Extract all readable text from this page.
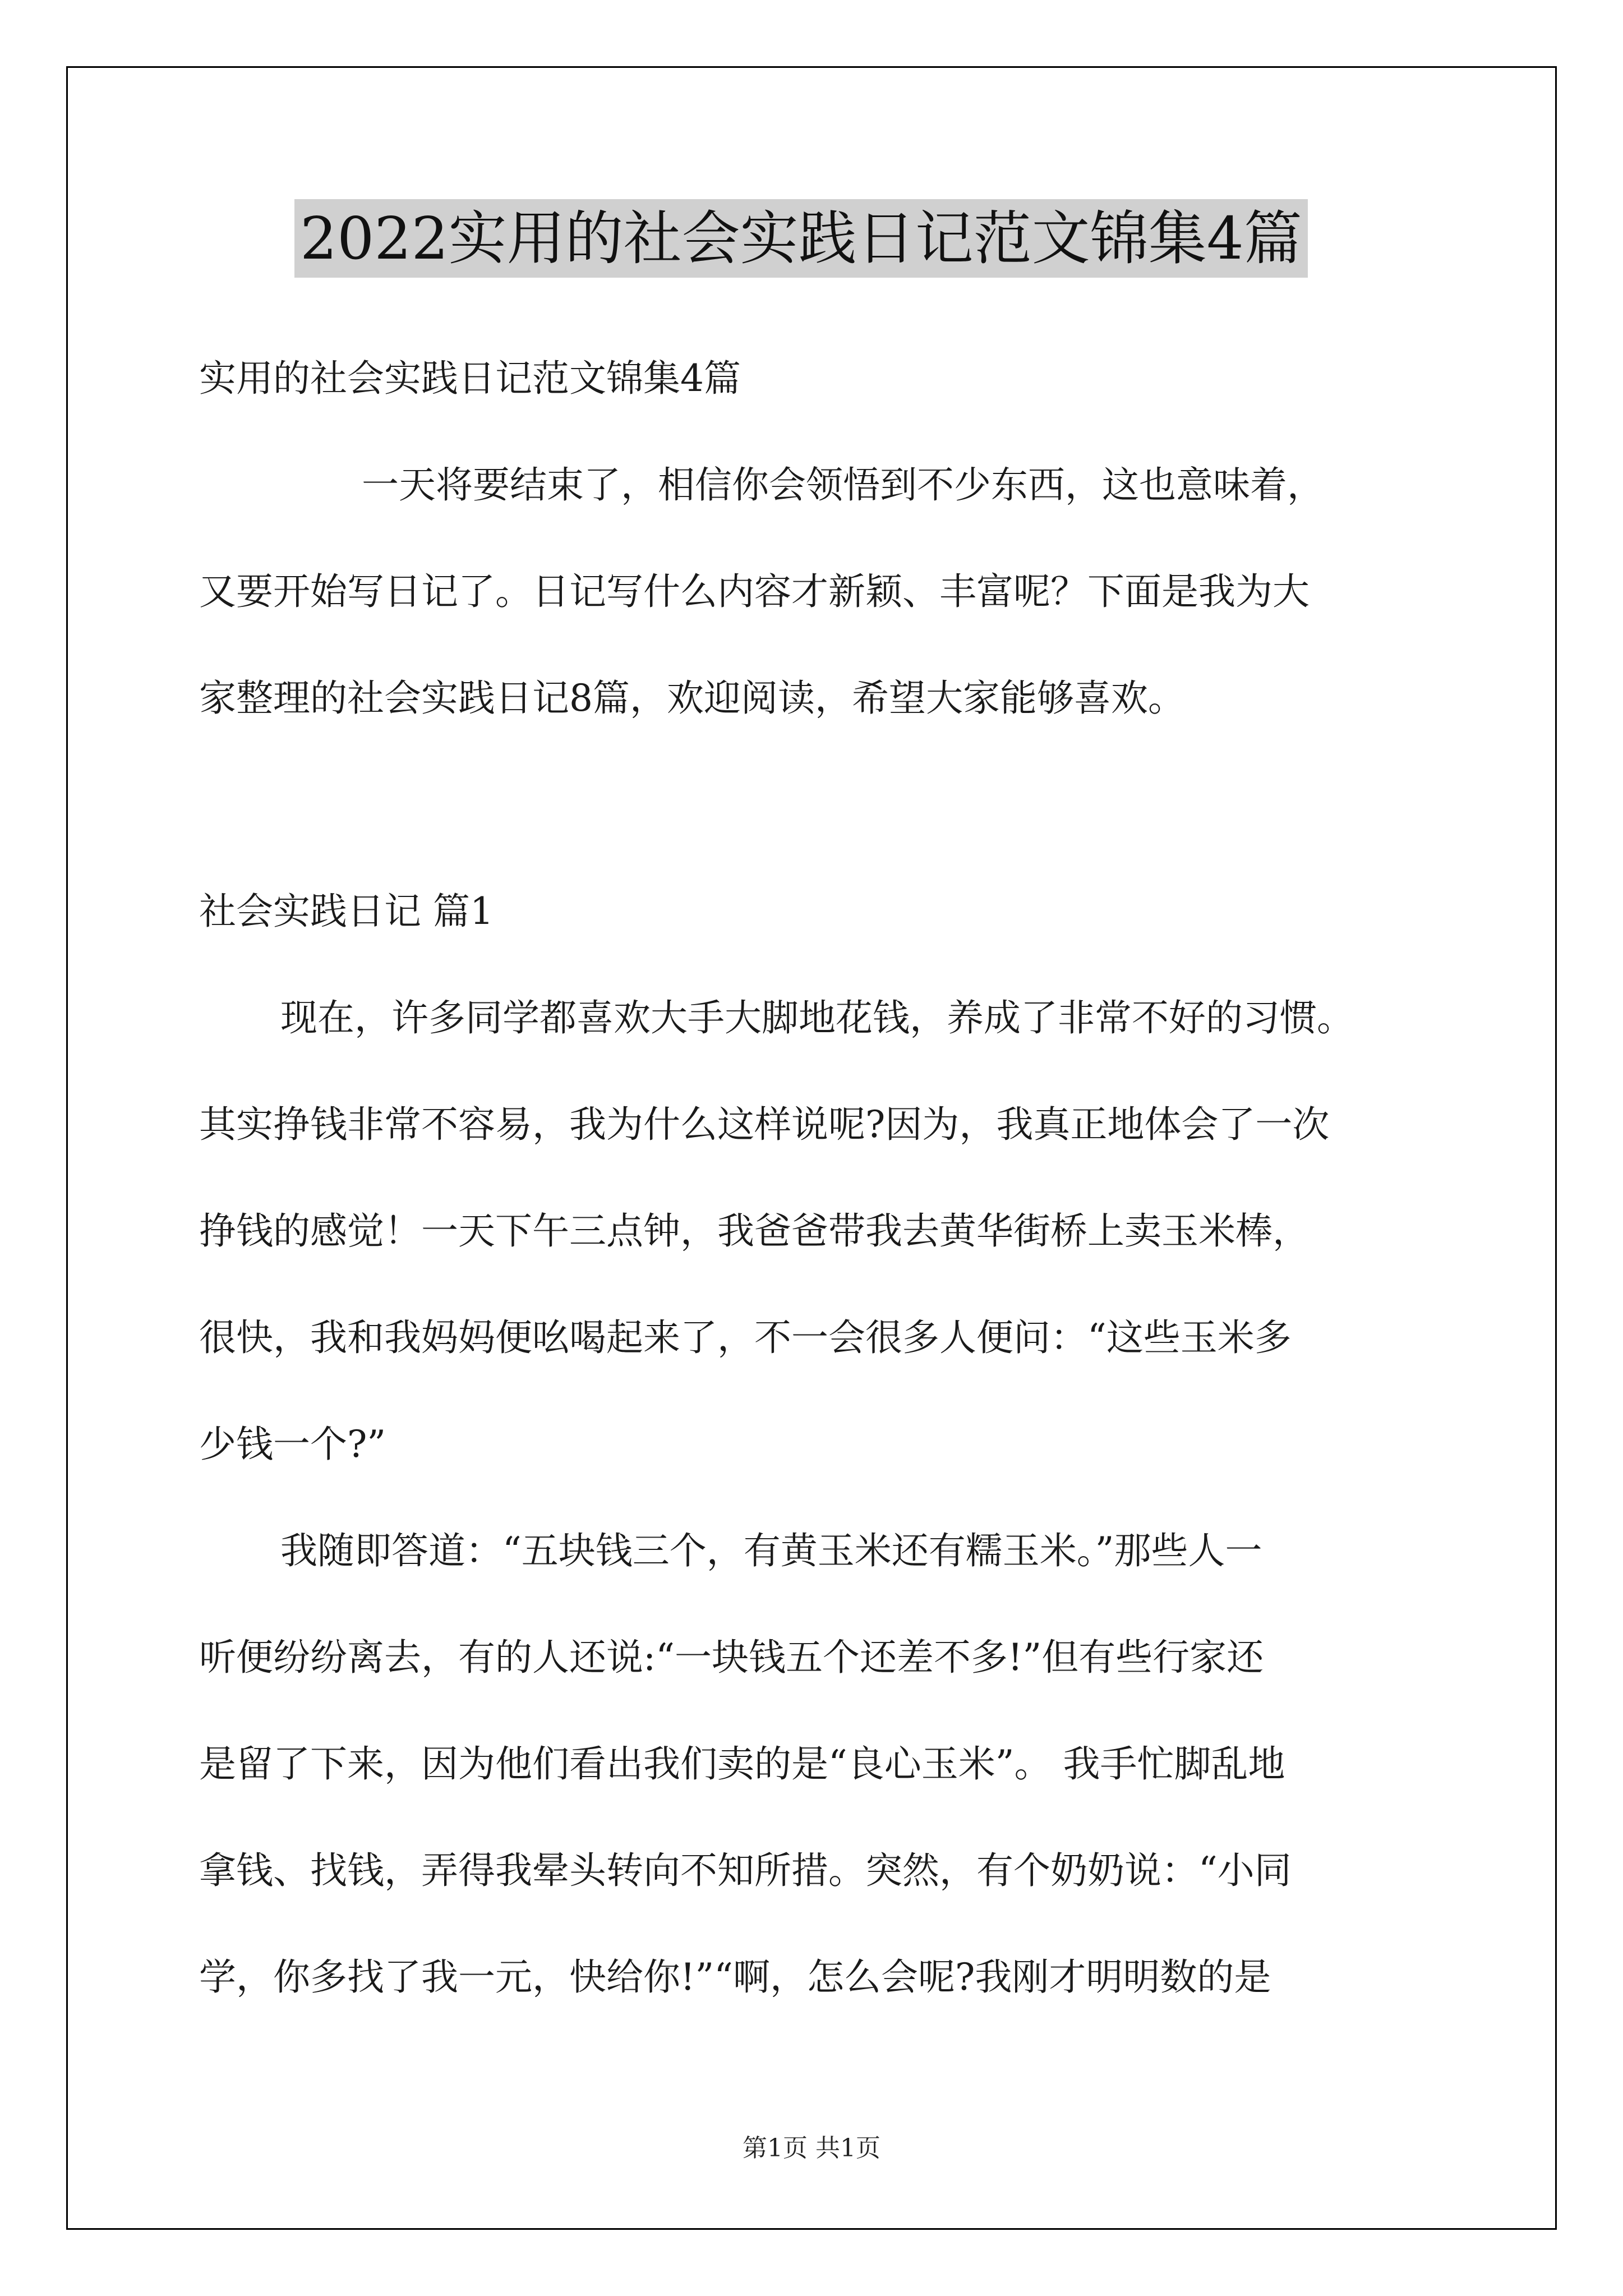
2022实用的社会实践日记范文锦集4篇
实用的社会实践日记范文锦集4篇
一天将要结束了，相信你会领悟到不少东西，这也意味着，
又要开始写日记了。日记写什么内容才新颖、丰富呢？下面是我为大
家整理的社会实践日记8篇，欢迎阅读，希望大家能够喜欢。
社会实践日记 篇1
现在，许多同学都喜欢大手大脚地花钱，养成了非常不好的习惯。
其实挣钱非常不容易，我为什么这样说呢?因为，我真正地体会了一次
挣钱的感觉！一天下午三点钟，我爸爸带我去黄华街桥上卖玉米棒，
很快，我和我妈妈便吆喝起来了，不一会很多人便问：“这些玉米多
少钱一个?”
我随即答道：“五块钱三个，有黄玉米还有糯玉米。”那些人一
听便纷纷离去，有的人还说:“一块钱五个还差不多!”但有些行家还
是留了下来，因为他们看出我们卖的是“良心玉米”。 我手忙脚乱地
拿钱、找钱，弄得我晕头转向不知所措。突然，有个奶奶说：“小同
学，你多找了我一元，快给你!”“啊，怎么会呢?我刚才明明数的是
第1页 共1页
